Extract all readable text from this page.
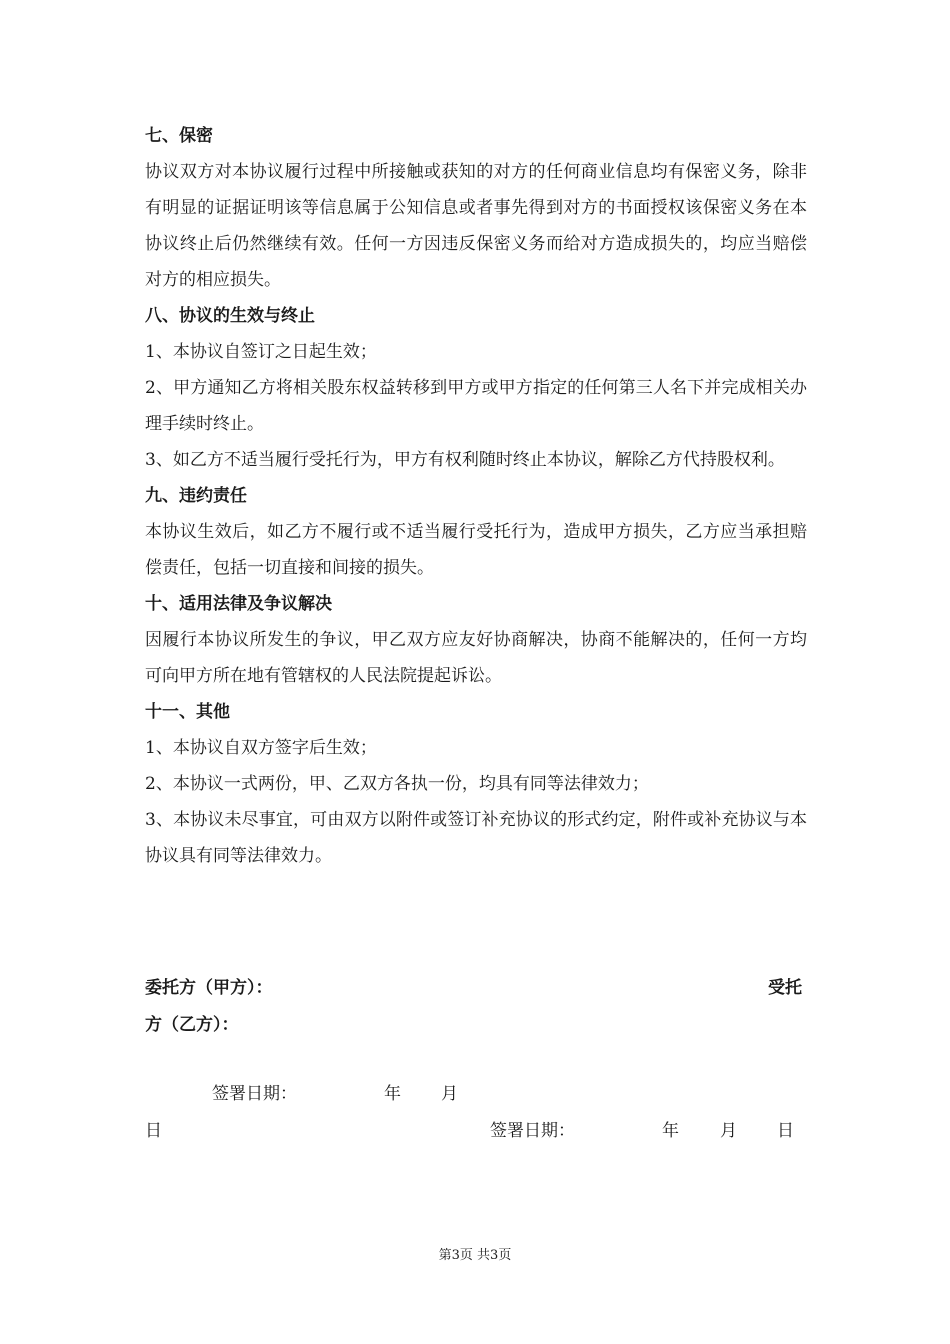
七、保密

协议双方对本协议履行过程中所接触或获知的对方的任何商业信息均有保密义务，除非有明显的证据证明该等信息属于公知信息或者事先得到对方的书面授权该保密义务在本协议终止后仍然继续有效。任何一方因违反保密义务而给对方造成损失的，均应当赔偿对方的相应损失。

八、协议的生效与终止

1、本协议自签订之日起生效；

2、甲方通知乙方将相关股东权益转移到甲方或甲方指定的任何第三人名下并完成相关办理手续时终止。

3、如乙方不适当履行受托行为，甲方有权利随时终止本协议，解除乙方代持股权利。

九、违约责任

本协议生效后，如乙方不履行或不适当履行受托行为，造成甲方损失，乙方应当承担赔偿责任，包括一切直接和间接的损失。

十、适用法律及争议解决

因履行本协议所发生的争议，甲乙双方应友好协商解决，协商不能解决的，任何一方均可向甲方所在地有管辖权的人民法院提起诉讼。

十一、其他

1、本协议自双方签字后生效；

2、本协议一式两份，甲、乙双方各执一份，均具有同等法律效力；

3、本协议未尽事宜，可由双方以附件或签订补充协议的形式约定，附件或补充协议与本协议具有同等法律效力。

委托方（甲方）：	受托
方（乙方）：
签署日期：	年 月
日	签署日期：	年 月 日
第3页 共3页
